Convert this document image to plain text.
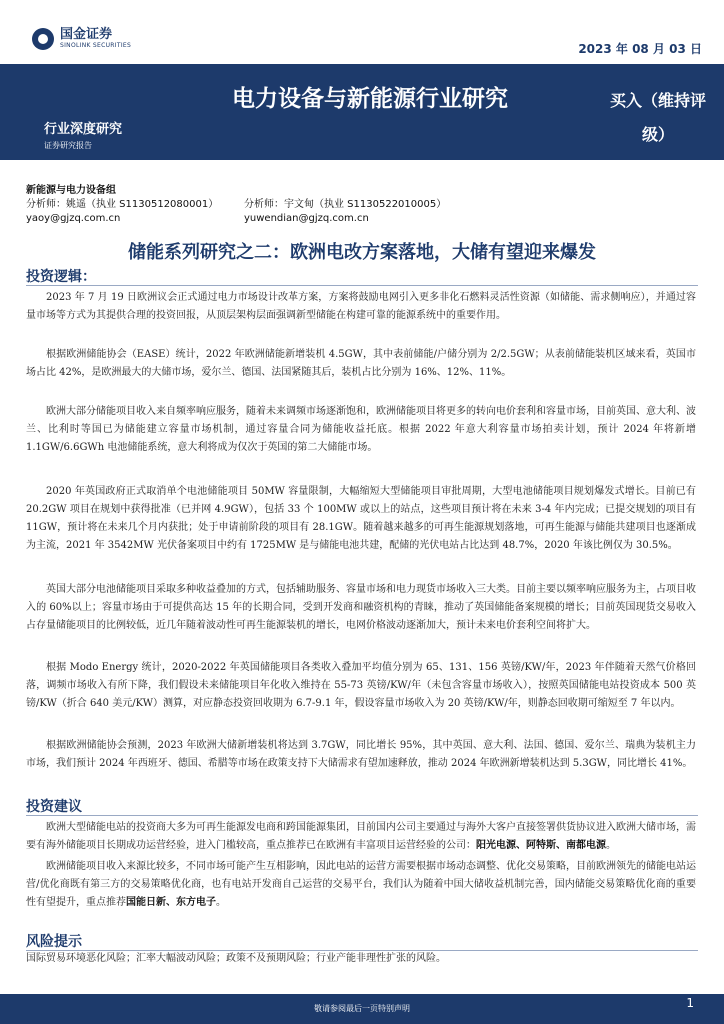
国金证券
SINOLINK SECURITIES	2023 年 08 月 03 日
电力设备与新能源行业研究	买入（维持评级）
行业深度研究
证券研究报告
新能源与电力设备组
分析师：姚遥（执业 S1130512080001）	分析师：宇文甸（执业 S1130522010005）
yaoy@gjzq.com.cn	yuwendian@gjzq.com.cn
储能系列研究之二：欧洲电改方案落地，大储有望迎来爆发
投资逻辑：

2023 年 7 月 19 日欧洲议会正式通过电力市场设计改革方案，方案将鼓励电网引入更多非化石燃料灵活性资源（如储能、需求侧响应），并通过容量市场等方式为其提供合理的投资回报，从顶层架构层面强调新型储能在构建可靠的能源系统中的重要作用。

根据欧洲储能协会（EASE）统计，2022 年欧洲储能新增装机 4.5GW，其中表前储能/户储分别为 2/2.5GW；从表前储能装机区域来看，英国市场占比 42%，是欧洲最大的大储市场，爱尔兰、德国、法国紧随其后，装机占比分别为 16%、12%、11%。

欧洲大部分储能项目收入来自频率响应服务，随着未来调频市场逐渐饱和，欧洲储能项目将更多的转向电价套利和容量市场，目前英国、意大利、波兰、比利时等国已为储能建立容量市场机制，通过容量合同为储能收益托底。根据 2022 年意大利容量市场拍卖计划，预计 2024 年将新增 1.1GW/6.6GWh 电池储能系统，意大利将成为仅次于英国的第二大储能市场。

2020 年英国政府正式取消单个电池储能项目 50MW 容量限制，大幅缩短大型储能项目审批周期，大型电池储能项目规划爆发式增长。目前已有 20.2GW 项目在规划中获得批准（已并网 4.9GW），包括 33 个 100MW 或以上的站点，这些项目预计将在未来 3-4 年内完成；已提交规划的项目有 11GW，预计将在未来几个月内获批；处于申请前阶段的项目有 28.1GW。随着越来越多的可再生能源规划落地，可再生能源与储能共建项目也逐渐成为主流，2021 年 3542MW 光伏备案项目中约有 1725MW 是与储能电池共建，配储的光伏电站占比达到 48.7%，2020 年该比例仅为 30.5%。

英国大部分电池储能项目采取多种收益叠加的方式，包括辅助服务、容量市场和电力现货市场收入三大类。目前主要以频率响应服务为主，占项目收入的 60%以上；容量市场由于可提供高达 15 年的长期合同，受到开发商和融资机构的青睐，推动了英国储能备案规模的增长；目前英国现货交易收入占存量储能项目的比例较低，近几年随着波动性可再生能源装机的增长，电网价格波动逐渐加大，预计未来电价套利空间将扩大。

根据 Modo Energy 统计，2020-2022 年英国储能项目各类收入叠加平均值分别为 65、131、156 英镑/KW/年，2023 年伴随着天然气价格回落，调频市场收入有所下降，我们假设未来储能项目年化收入维持在 55-73 英镑/KW/年（未包含容量市场收入），按照英国储能电站投资成本 500 英镑/KW（折合 640 美元/KW）测算，对应静态投资回收期为 6.7-9.1 年，假设容量市场收入为 20 英镑/KW/年，则静态回收期可缩短至 7 年以内。

根据欧洲储能协会预测，2023 年欧洲大储新增装机将达到 3.7GW，同比增长 95%，其中英国、意大利、法国、德国、爱尔兰、瑞典为装机主力市场，我们预计 2024 年西班牙、德国、希腊等市场在政策支持下大储需求有望加速释放，推动 2024 年欧洲新增装机达到 5.3GW，同比增长 41%。

投资建议

欧洲大型储能电站的投资商大多为可再生能源发电商和跨国能源集团，目前国内公司主要通过与海外大客户直接签署供货协议进入欧洲大储市场，需要有海外储能项目长期成功运营经验，进入门槛较高，重点推荐已在欧洲有丰富项目运营经验的公司：阳光电源、阿特斯、南都电源。

欧洲储能项目收入来源比较多，不同市场可能产生互相影响，因此电站的运营方需要根据市场动态调整、优化交易策略，目前欧洲领先的储能电站运营/优化商既有第三方的交易策略优化商，也有电站开发商自己运营的交易平台，我们认为随着中国大储收益机制完善，国内储能交易策略优化商的重要性有望提升，重点推荐国能日新、东方电子。

风险提示
国际贸易环境恶化风险；汇率大幅波动风险；政策不及预期风险；行业产能非理性扩张的风险。
敬请参阅最后一页特别声明	1
